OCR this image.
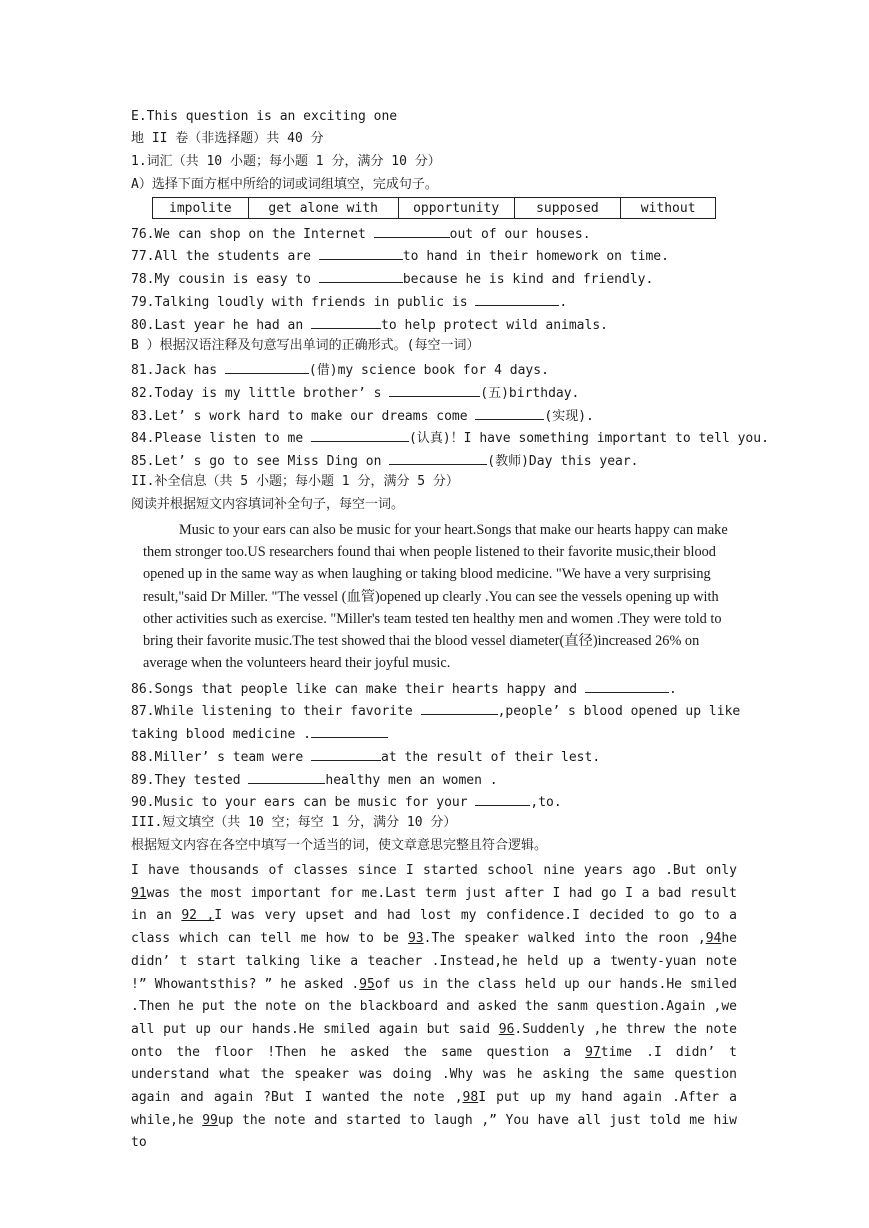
E.This question is an exciting one
地 II 卷（非选择题）共 40 分
1.词汇（共 10 小题；每小题 1 分，满分 10 分）
A）选择下面方框中所给的词或词组填空，完成句子。
impolite	get alone with	opportunity	supposed	without
76.We can shop on the Internet	out of our houses.
77.All the students are	to hand in their homework on time.
78.My cousin is easy to	because he is kind and friendly.
79.Talking loudly with friends in public is	.
80.Last year he had an	to help protect wild animals.
B ）根据汉语注释及句意写出单词的正确形式。(每空一词）
81.Jack has	(借)my science book for 4 days.
82.Today is my little brother’ s	(五)birthday.
83.Let’ s work hard to make our dreams come	(实现).
84.Please listen to me	(认真)！I have something important to tell you.
85.Let’ s go to see Miss Ding on	(教师)Day this year.
II.补全信息（共 5 小题；每小题 1 分，满分 5 分）
阅读并根据短文内容填词补全句子，每空一词。

Music to your ears can also be music for your heart.Songs that make our hearts happy can make them stronger too.US researchers found thai when people listened to their favorite music,their blood opened up in the same way as when laughing or taking blood medicine. "We have a very surprising result,"said Dr Miller. "The vessel (血管)opened up clearly .You can see the vessels opening up with other activities such as exercise. "Miller's team tested ten healthy men and women .They were told to bring their favorite music.The test showed thai the blood vessel diameter(直径)increased 26% on average when the volunteers heard their joyful music.

86.Songs that people like can make their hearts happy and	.
87.While listening to their favorite	,people’ s blood opened up like
taking blood medicine .
88.Miller’ s team were	at the result of their lest.
89.They tested	healthy men an women .
90.Music to your ears can be music for your	,to.
III.短文填空（共 10 空；每空 1 分，满分 10 分）
根据短文内容在各空中填写一个适当的词，使文章意思完整且符合逻辑。

I have thousands of classes since I started school nine years ago .But only 91was the most important for me.Last term just after I had go I a bad result in an 92 ,I was very upset and had lost my confidence.I decided to go to a class which can tell me how to be 93.The speaker walked into the roon ,94he didn’ t start talking like a teacher .Instead,he held up a twenty-yuan note !” Whowantsthis? ” he asked .95of us in the class held up our hands.He smiled .Then he put the note on the blackboard and asked the sanm question.Again ,we all put up our hands.He smiled again but said 96.Suddenly ,he threw the note onto the floor !Then he asked the same question a 97time .I didn’ t understand what the speaker was doing .Why was he asking the same question again and again ?But I wanted the note ,98I put up my hand again .After a while,he 99up the note and started to laugh ,” You have all just told me hiw to
